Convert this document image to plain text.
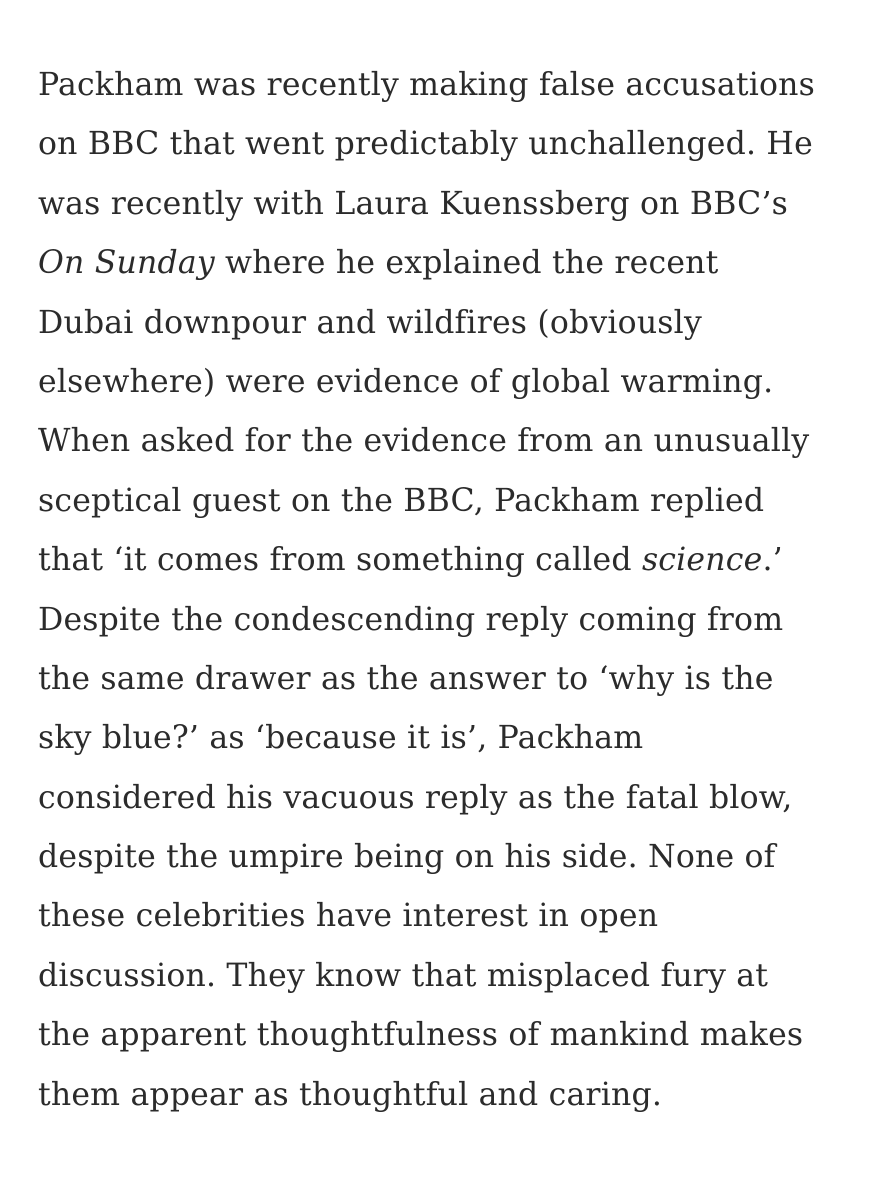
Packham was recently making false accusations
on BBC that went predictably unchallenged. He
was recently with Laura Kuenssberg on BBC’s
On Sunday where he explained the recent
Dubai downpour and wildfires (obviously
elsewhere) were evidence of global warming.
When asked for the evidence from an unusually
sceptical guest on the BBC, Packham replied
that ‘it comes from something called science.’
Despite the condescending reply coming from
the same drawer as the answer to ‘why is the
sky blue?’ as ‘because it is’, Packham
considered his vacuous reply as the fatal blow,
despite the umpire being on his side. None of
these celebrities have interest in open
discussion. They know that misplaced fury at
the apparent thoughtfulness of mankind makes
them appear as thoughtful and caring.
